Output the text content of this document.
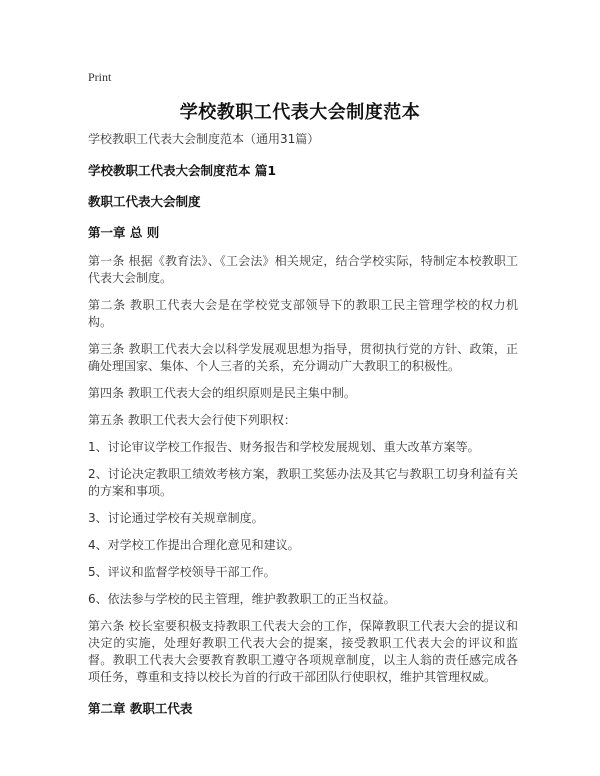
Print
学校教职工代表大会制度范本
学校教职工代表大会制度范本（通用31篇）
学校教职工代表大会制度范本 篇1
教职工代表大会制度
第一章 总 则
第一条 根据《教育法》、《工会法》相关规定，结合学校实际，特制定本校教职工代表大会制度。
第二条 教职工代表大会是在学校党支部领导下的教职工民主管理学校的权力机构。
第三条 教职工代表大会以科学发展观思想为指导，贯彻执行党的方针、政策，正确处理国家、集体、个人三者的关系，充分调动广大教职工的积极性。
第四条 教职工代表大会的组织原则是民主集中制。
第五条 教职工代表大会行使下列职权：
1、讨论审议学校工作报告、财务报告和学校发展规划、重大改革方案等。
2、讨论决定教职工绩效考核方案，教职工奖惩办法及其它与教职工切身利益有关的方案和事项。
3、讨论通过学校有关规章制度。
4、对学校工作提出合理化意见和建议。
5、评议和监督学校领导干部工作。
6、依法参与学校的民主管理，维护教教职工的正当权益。
第六条 校长室要积极支持教职工代表大会的工作，保障教职工代表大会的提议和决定的实施，处理好教职工代表大会的提案，接受教职工代表大会的评议和监督。教职工代表大会要教育教职工遵守各项规章制度，以主人翁的责任感完成各项任务，尊重和支持以校长为首的行政干部团队行使职权，维护其管理权威。
第二章 教职工代表
